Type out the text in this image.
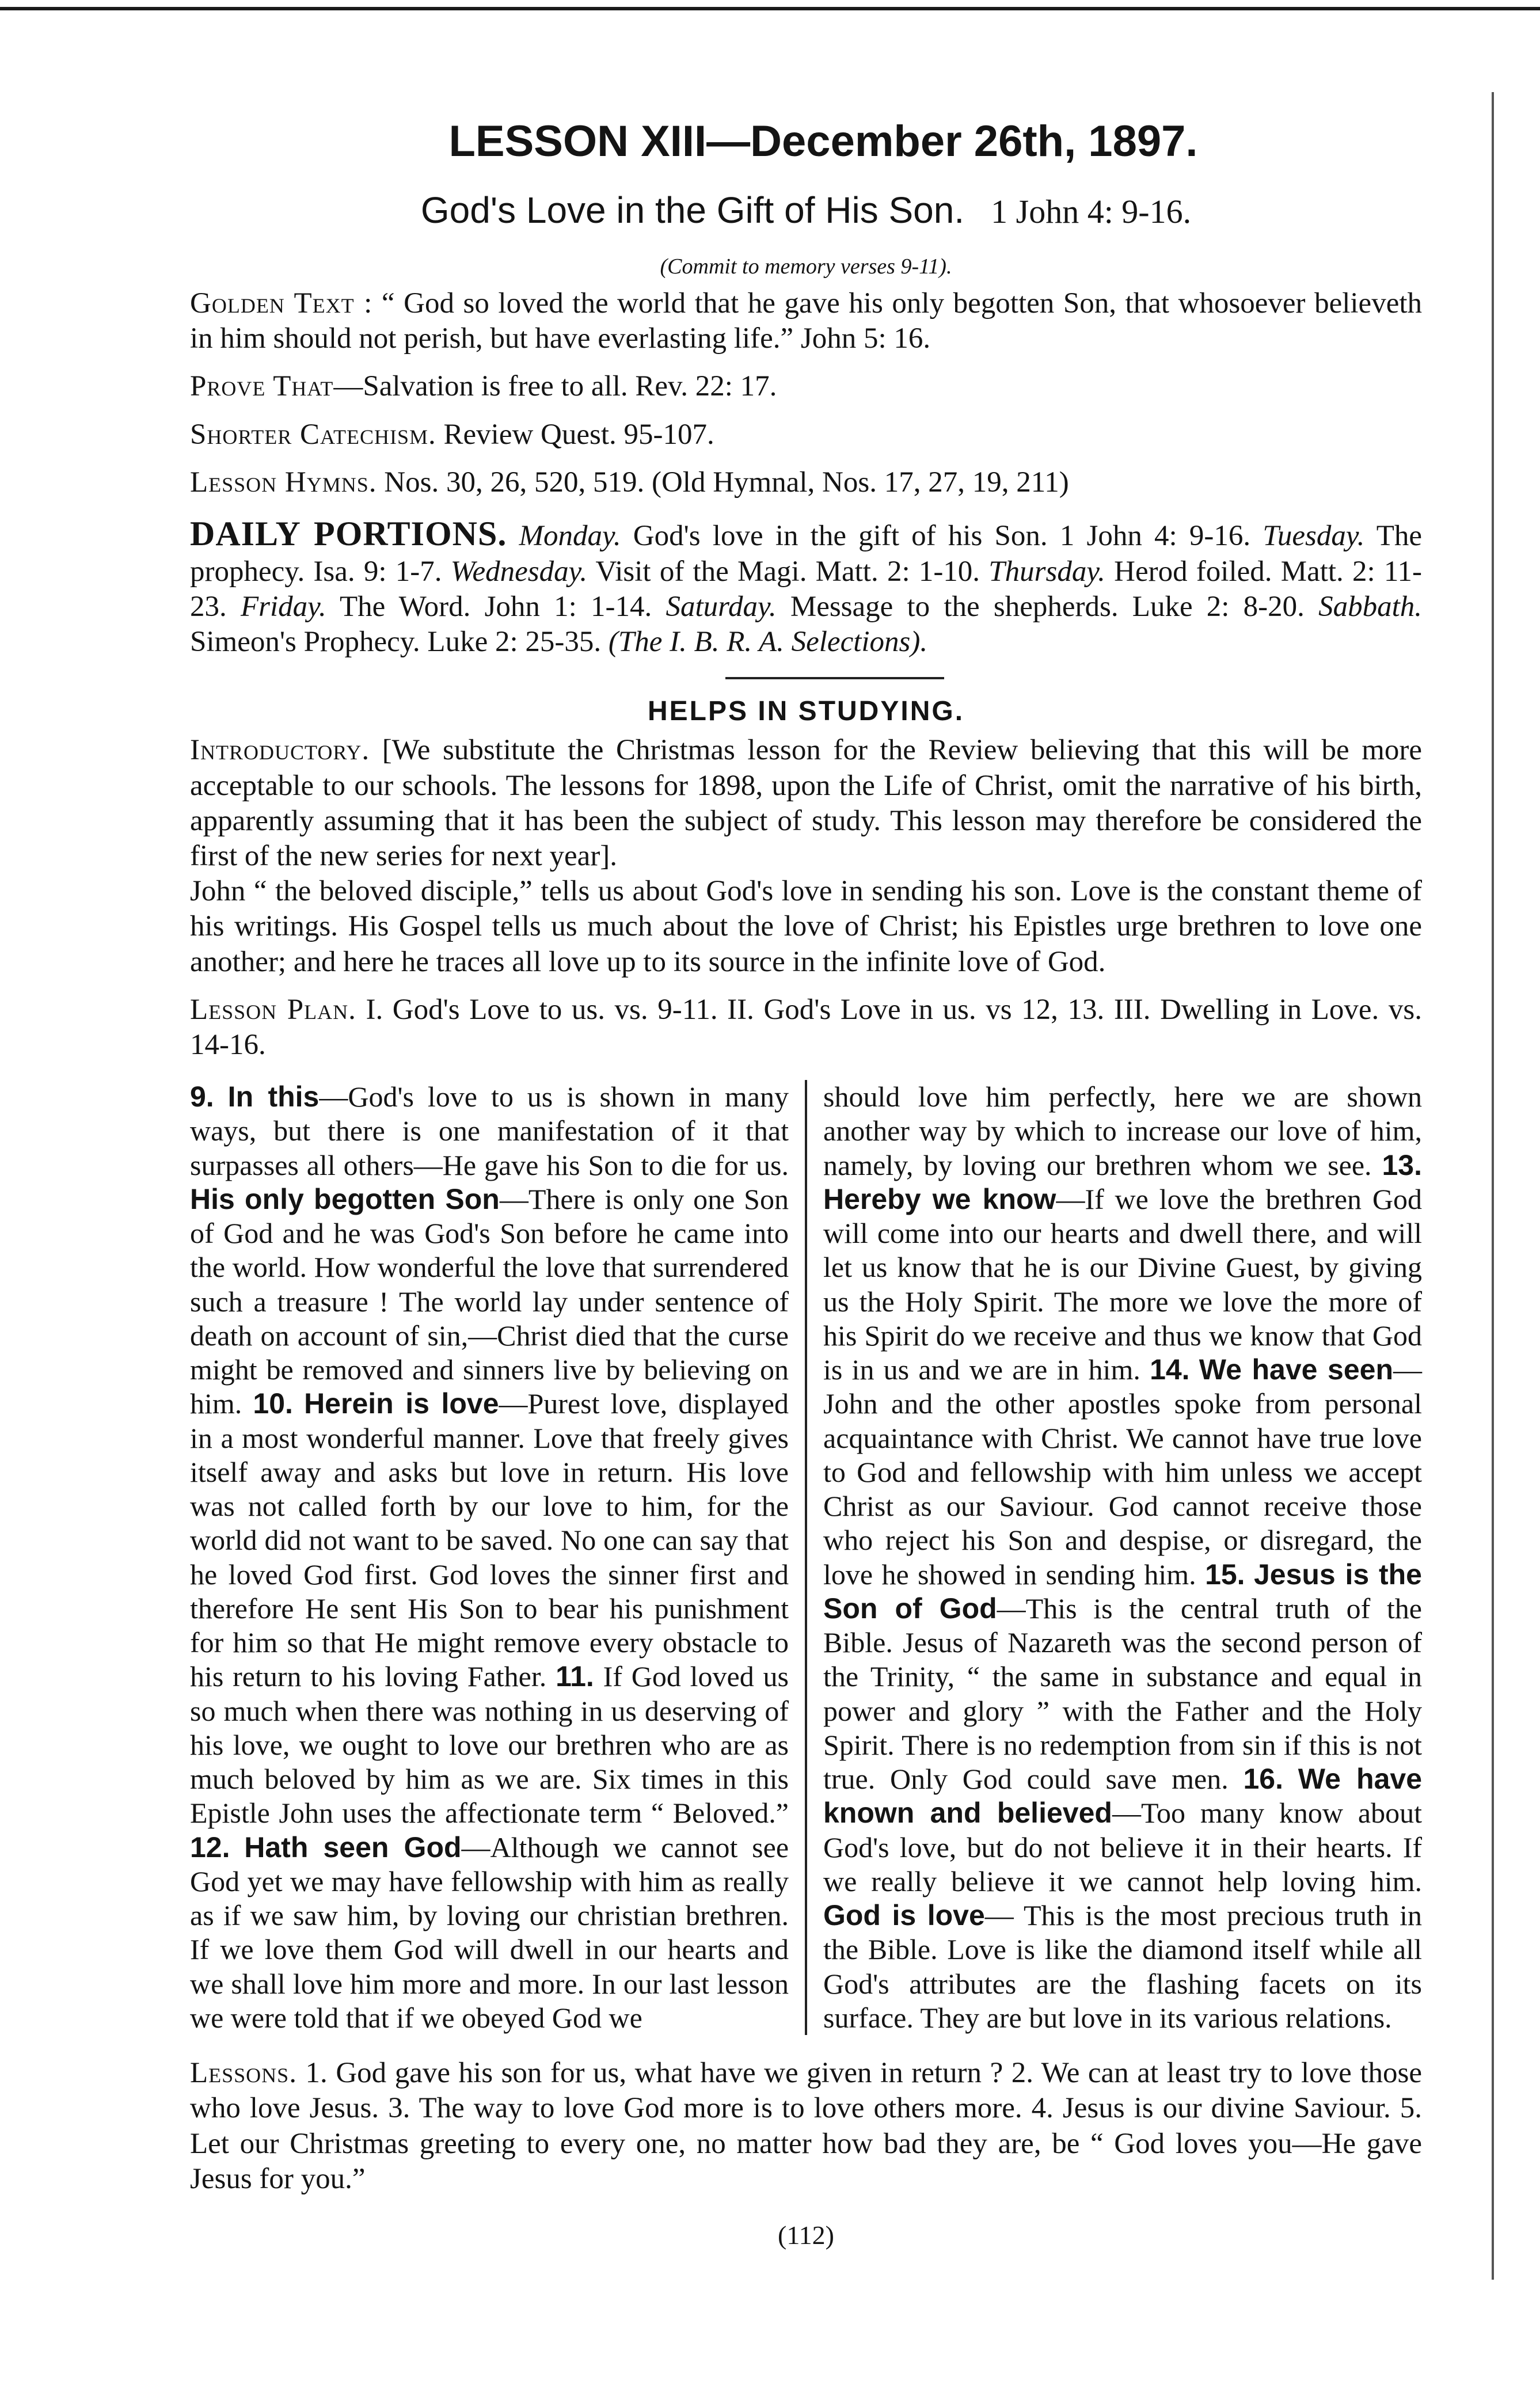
LESSON XIII—December 26th, 1897.
God's Love in the Gift of His Son. 1 John 4: 9-16.
(Commit to memory verses 9-11).

Golden Text : “ God so loved the world that he gave his only begotten Son, that whosoever believeth in him should not perish, but have everlasting life.” John 5: 16.

Prove That—Salvation is free to all. Rev. 22: 17.

Shorter Catechism. Review Quest. 95-107.

Lesson Hymns. Nos. 30, 26, 520, 519. (Old Hymnal, Nos. 17, 27, 19, 211)

DAILY PORTIONS. Monday. God's love in the gift of his Son. 1 John 4: 9-16. Tuesday. The prophecy. Isa. 9: 1-7. Wednesday. Visit of the Magi. Matt. 2: 1-10. Thursday. Herod foiled. Matt. 2: 11-23. Friday. The Word. John 1: 1-14. Saturday. Message to the shepherds. Luke 2: 8-20. Sabbath. Simeon's Prophecy. Luke 2: 25-35. (The I. B. R. A. Selections).

HELPS IN STUDYING.

Introductory. [We substitute the Christmas lesson for the Review believing that this will be more acceptable to our schools. The lessons for 1898, upon the Life of Christ, omit the narrative of his birth, apparently assuming that it has been the subject of study. This lesson may therefore be considered the first of the new series for next year].

John “ the beloved disciple,” tells us about God's love in sending his son. Love is the constant theme of his writings. His Gospel tells us much about the love of Christ; his Epistles urge brethren to love one another; and here he traces all love up to its source in the infinite love of God.

Lesson Plan. I. God's Love to us. vs. 9-11. II. God's Love in us. vs 12, 13. III. Dwelling in Love. vs. 14-16.

9. In this—God's love to us is shown in many ways, but there is one manifestation of it that surpasses all others—He gave his Son to die for us. His only begotten Son—There is only one Son of God and he was God's Son before he came into the world. How wonderful the love that surrendered such a treasure ! The world lay under sentence of death on account of sin,—Christ died that the curse might be removed and sinners live by believing on him. 10. Herein is love—Purest love, displayed in a most wonderful manner. Love that freely gives itself away and asks but love in return. His love was not called forth by our love to him, for the world did not want to be saved. No one can say that he loved God first. God loves the sinner first and therefore He sent His Son to bear his punishment for him so that He might remove every obstacle to his return to his loving Father. 11. If God loved us so much when there was nothing in us deserving of his love, we ought to love our brethren who are as much beloved by him as we are. Six times in this Epistle John uses the affectionate term “ Beloved.” 12. Hath seen God—Although we cannot see God yet we may have fellowship with him as really as if we saw him, by loving our christian brethren. If we love them God will dwell in our hearts and we shall love him more and more. In our last lesson we were told that if we obeyed God we

should love him perfectly, here we are shown another way by which to increase our love of him, namely, by loving our brethren whom we see. 13. Hereby we know—If we love the brethren God will come into our hearts and dwell there, and will let us know that he is our Divine Guest, by giving us the Holy Spirit. The more we love the more of his Spirit do we receive and thus we know that God is in us and we are in him. 14. We have seen—John and the other apostles spoke from personal acquaintance with Christ. We cannot have true love to God and fellowship with him unless we accept Christ as our Saviour. God cannot receive those who reject his Son and despise, or disregard, the love he showed in sending him. 15. Jesus is the Son of God—This is the central truth of the Bible. Jesus of Nazareth was the second person of the Trinity, “ the same in substance and equal in power and glory ” with the Father and the Holy Spirit. There is no redemption from sin if this is not true. Only God could save men. 16. We have known and believed—Too many know about God's love, but do not believe it in their hearts. If we really believe it we cannot help loving him. God is love— This is the most precious truth in the Bible. Love is like the diamond itself while all God's attributes are the flashing facets on its surface. They are but love in its various relations.

Lessons. 1. God gave his son for us, what have we given in return ? 2. We can at least try to love those who love Jesus. 3. The way to love God more is to love others more. 4. Jesus is our divine Saviour. 5. Let our Christmas greeting to every one, no matter how bad they are, be “ God loves you—He gave Jesus for you.”

(112)
